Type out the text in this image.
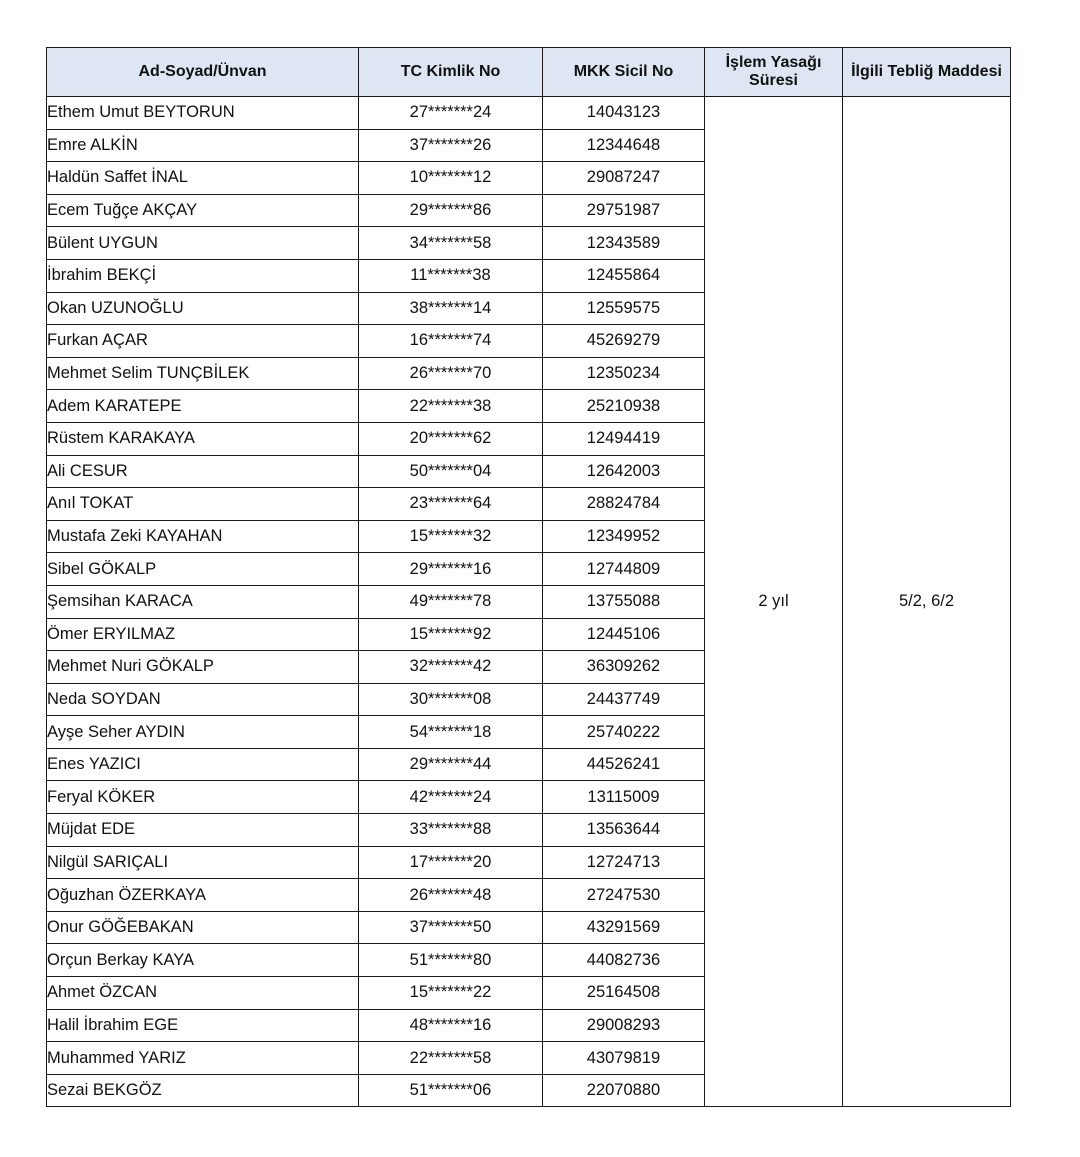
Ad-Soyad/Ünvan	TC Kimlik No	MKK Sicil No	İşlem Yasağı Süresi	İlgili Tebliğ Maddesi
Ethem Umut BEYTORUN	27*******24	14043123	2 yıl	5/2, 6/2
Emre ALKİN	37*******26	12344648		
Haldün Saffet İNAL	10*******12	29087247		
Ecem Tuğçe AKÇAY	29*******86	29751987		
Bülent UYGUN	34*******58	12343589		
İbrahim BEKÇİ	11*******38	12455864		
Okan UZUNOĞLU	38*******14	12559575		
Furkan AÇAR	16*******74	45269279		
Mehmet Selim TUNÇBİLEK	26*******70	12350234		
Adem KARATEPE	22*******38	25210938		
Rüstem KARAKAYA	20*******62	12494419		
Ali CESUR	50*******04	12642003		
Anıl TOKAT	23*******64	28824784		
Mustafa Zeki KAYAHAN	15*******32	12349952		
Sibel GÖKALP	29*******16	12744809		
Şemsihan KARACA	49*******78	13755088		
Ömer ERYILMAZ	15*******92	12445106		
Mehmet Nuri GÖKALP	32*******42	36309262		
Neda SOYDAN	30*******08	24437749		
Ayşe Seher AYDIN	54*******18	25740222		
Enes YAZICI	29*******44	44526241		
Feryal KÖKER	42*******24	13115009		
Müjdat EDE	33*******88	13563644		
Nilgül SARIÇALI	17*******20	12724713		
Oğuzhan ÖZERKAYA	26*******48	27247530		
Onur GÖĞEBAKAN	37*******50	43291569		
Orçun Berkay KAYA	51*******80	44082736		
Ahmet ÖZCAN	15*******22	25164508		
Halil İbrahim EGE	48*******16	29008293		
Muhammed YARIZ	22*******58	43079819		
Sezai BEKGÖZ	51*******06	22070880		
